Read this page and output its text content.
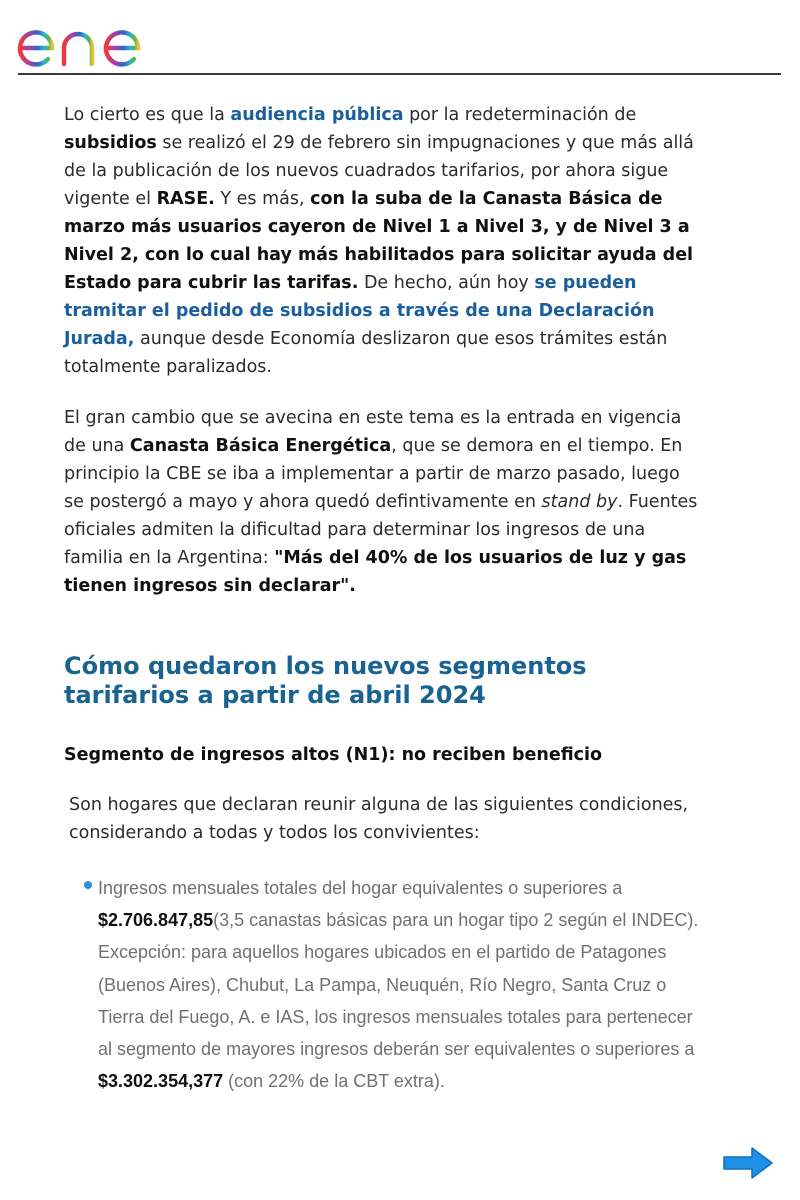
enel

Lo cierto es que la audiencia pública por la redeterminación de subsidios se realizó el 29 de febrero sin impugnaciones y que más allá de la publicación de los nuevos cuadrados tarifarios, por ahora sigue vigente el RASE. Y es más, con la suba de la Canasta Básica de marzo más usuarios cayeron de Nivel 1 a Nivel 3, y de Nivel 3 a Nivel 2, con lo cual hay más habilitados para solicitar ayuda del Estado para cubrir las tarifas. De hecho, aún hoy se pueden tramitar el pedido de subsidios a través de una Declaración Jurada, aunque desde Economía deslizaron que esos trámites están totalmente paralizados.

El gran cambio que se avecina en este tema es la entrada en vigencia de una Canasta Básica Energética, que se demora en el tiempo. En principio la CBE se iba a implementar a partir de marzo pasado, luego se postergó a mayo y ahora quedó defintivamente en stand by. Fuentes oficiales admiten la dificultad para determinar los ingresos de una familia en la Argentina: "Más del 40% de los usuarios de luz y gas tienen ingresos sin declarar".

Cómo quedaron los nuevos segmentos tarifarios a partir de abril 2024
Segmento de ingresos altos (N1): no reciben beneficio

Son hogares que declaran reunir alguna de las siguientes condiciones, considerando a todas y todos los convivientes:

Ingresos mensuales totales del hogar equivalentes o superiores a $2.706.847,85(3,5 canastas básicas para un hogar tipo 2 según el INDEC). Excepción: para aquellos hogares ubicados en el partido de Patagones (Buenos Aires), Chubut, La Pampa, Neuquén, Río Negro, Santa Cruz o Tierra del Fuego, A. e IAS, los ingresos mensuales totales para pertenecer al segmento de mayores ingresos deberán ser equivalentes o superiores a $3.302.354,377 (con 22% de la CBT extra).
